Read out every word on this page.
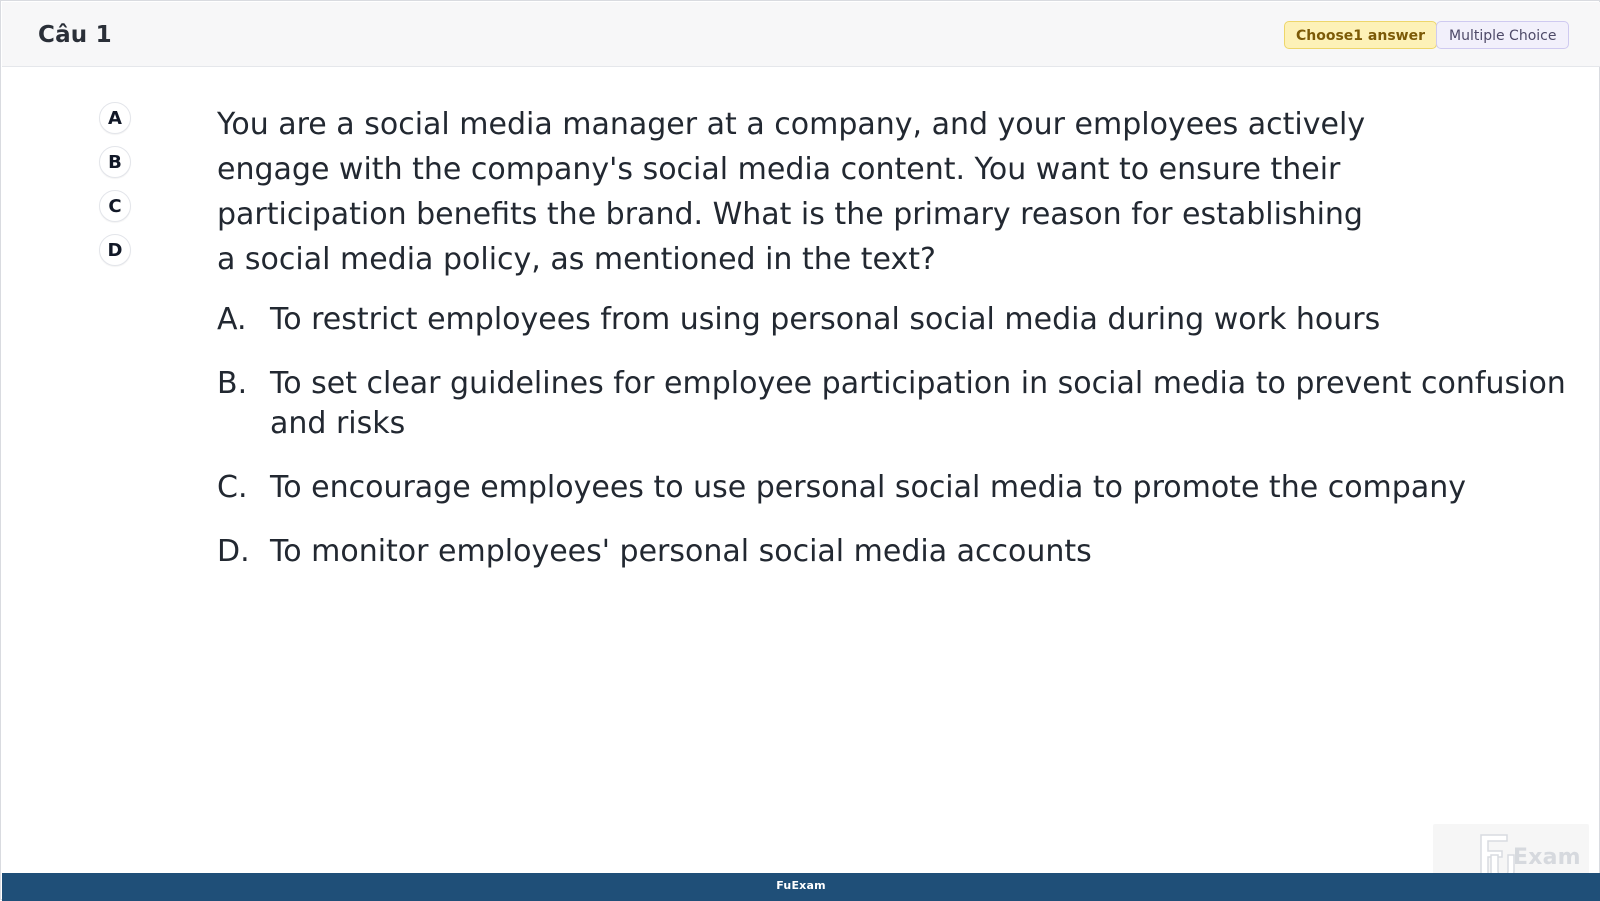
Câu 1	Choose1 answer	Multiple Choice
A
B
C
D
You are a social media manager at a company, and your employees actively engage with the company's social media content. You want to ensure their participation benefits the brand. What is the primary reason for establishing a social media policy, as mentioned in the text?
A. To restrict employees from using personal social media during work hours
B. To set clear guidelines for employee participation in social media to prevent confusion and risks
C. To encourage employees to use personal social media to promote the company
D. To monitor employees' personal social media accounts
Exam
FuExam
